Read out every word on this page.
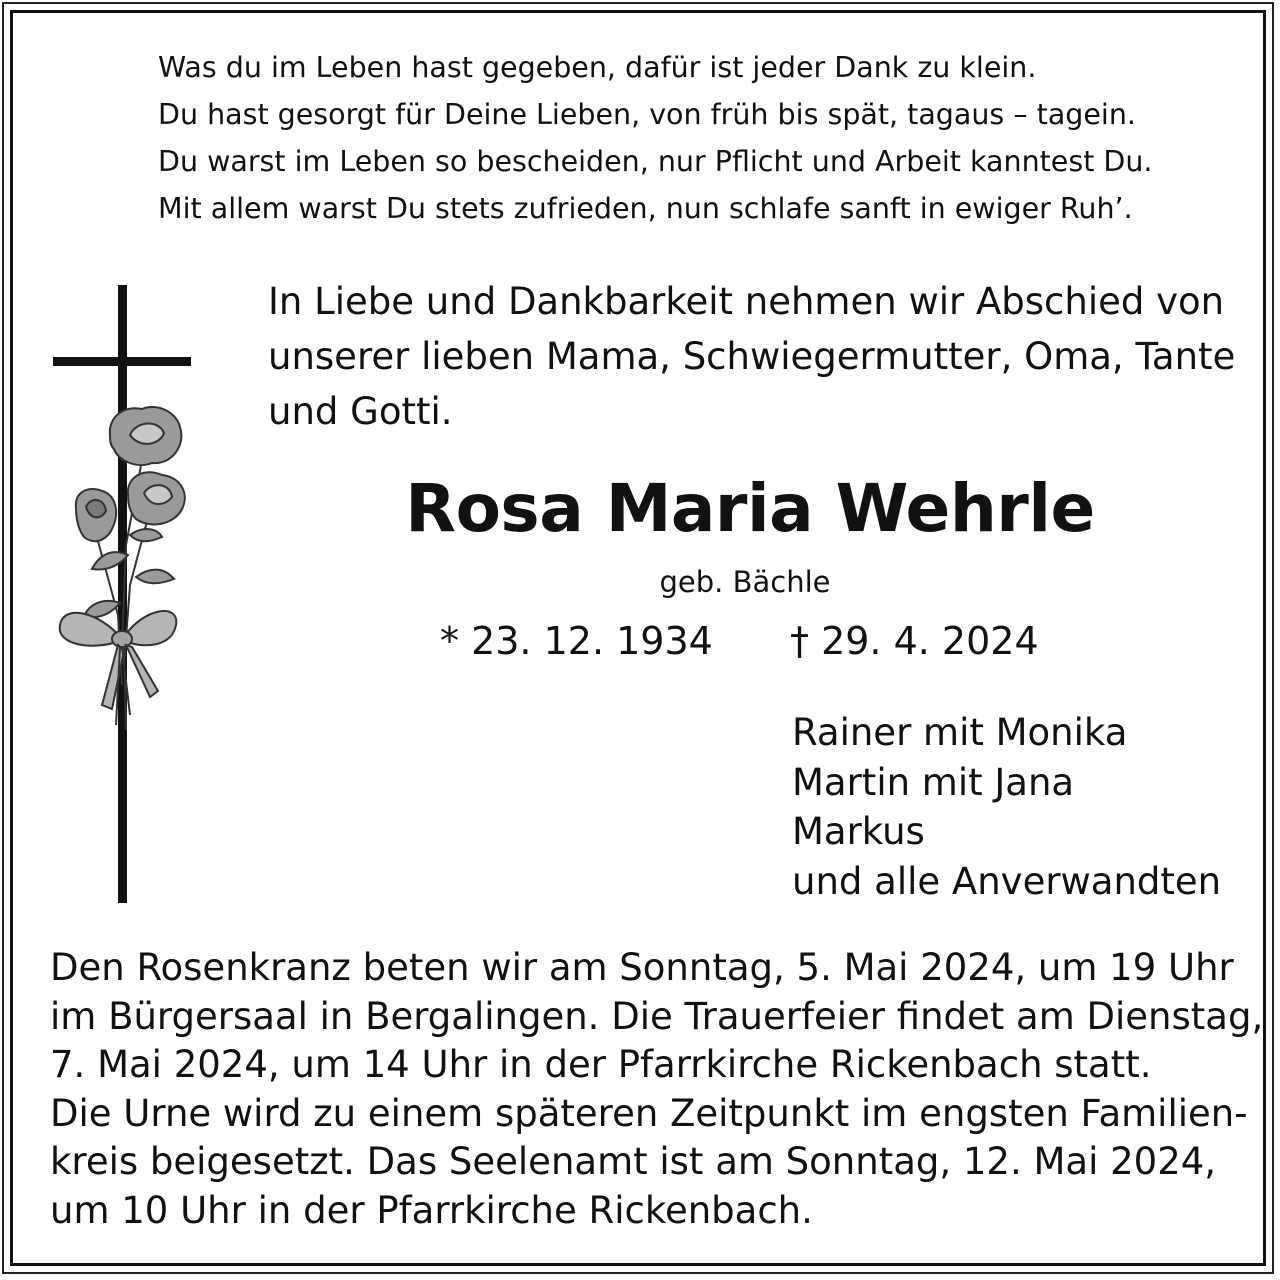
Was du im Leben hast gegeben, dafür ist jeder Dank zu klein.
Du hast gesorgt für Deine Lieben, von früh bis spät, tagaus – tagein.
Du warst im Leben so bescheiden, nur Pflicht und Arbeit kanntest Du.
Mit allem warst Du stets zufrieden, nun schlafe sanft in ewiger Ruh’.
In Liebe und Dankbarkeit nehmen wir Abschied von
unserer lieben Mama, Schwiegermutter, Oma, Tante
und Gotti.
Rosa Maria Wehrle
geb. Bächle
* 23. 12. 1934 † 29. 4. 2024
Rainer mit Monika
Martin mit Jana
Markus
und alle Anverwandten
Den Rosenkranz beten wir am Sonntag, 5. Mai 2024, um 19 Uhr
im Bürgersaal in Bergalingen. Die Trauerfeier findet am Dienstag,
7. Mai 2024, um 14 Uhr in der Pfarrkirche Rickenbach statt.
Die Urne wird zu einem späteren Zeitpunkt im engsten Familien-
kreis beigesetzt. Das Seelenamt ist am Sonntag, 12. Mai 2024,
um 10 Uhr in der Pfarrkirche Rickenbach.
